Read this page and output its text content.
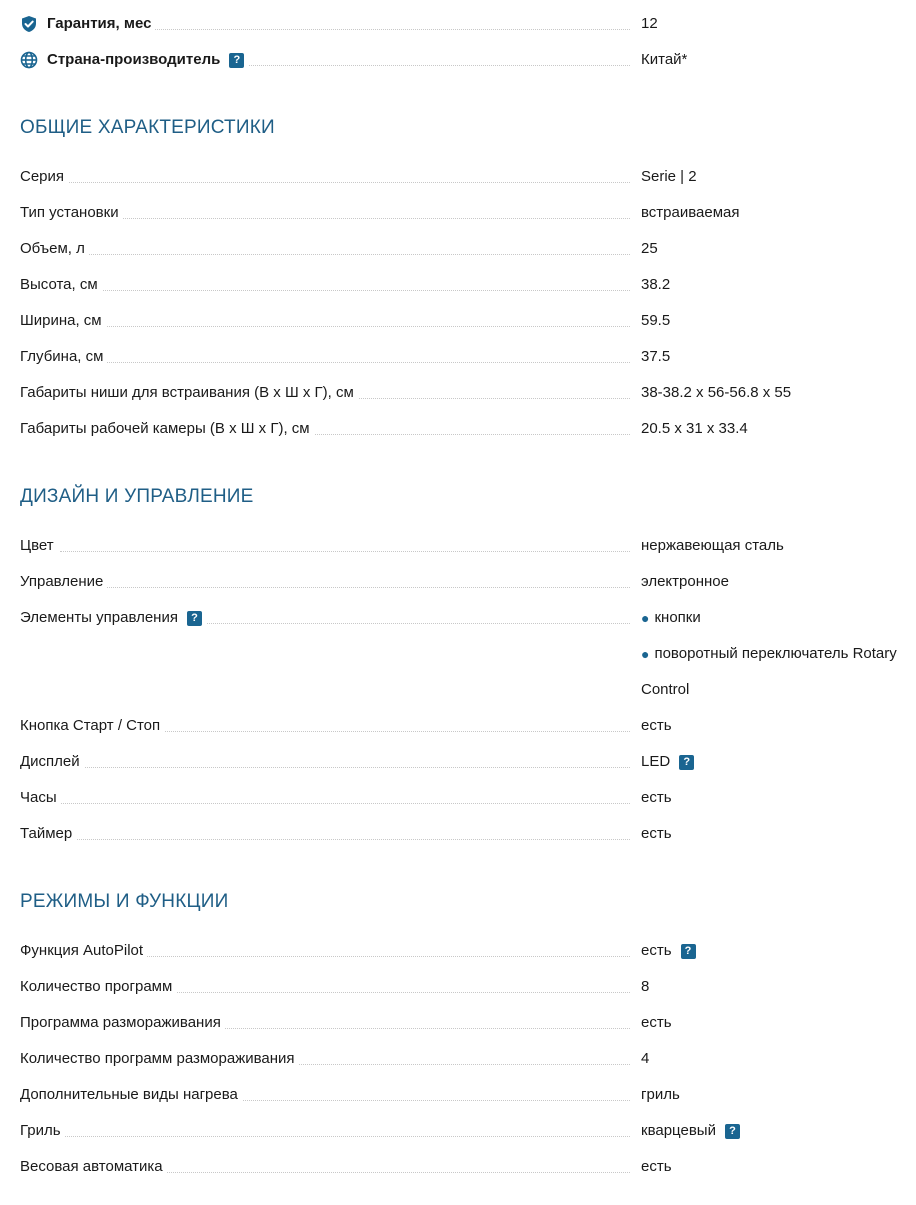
Гарантия, мес	12
Страна-производитель	?	Китай*
ОБЩИЕ ХАРАКТЕРИСТИКИ
Серия	Serie | 2
Тип установки	встраиваемая
Объем, л	25
Высота, см	38.2
Ширина, см	59.5
Глубина, см	37.5
Габариты ниши для встраивания (В х Ш х Г), см	38-38.2 x 56-56.8 x 55
Габариты рабочей камеры (В х Ш х Г), см	20.5 x 31 x 33.4
ДИЗАЙН И УПРАВЛЕНИЕ
Цвет	нержавеющая сталь
Управление	электронное
Элементы управления	?	● кнопки
● поворотный переключатель Rotary
Control
Кнопка Старт / Стоп	есть
Дисплей	LED	?
Часы	есть
Таймер	есть
РЕЖИМЫ И ФУНКЦИИ
Функция AutoPilot	есть	?
Количество программ	8
Программа размораживания	есть
Количество программ размораживания	4
Дополнительные виды нагрева	гриль
Гриль	кварцевый	?
Весовая автоматика	есть
